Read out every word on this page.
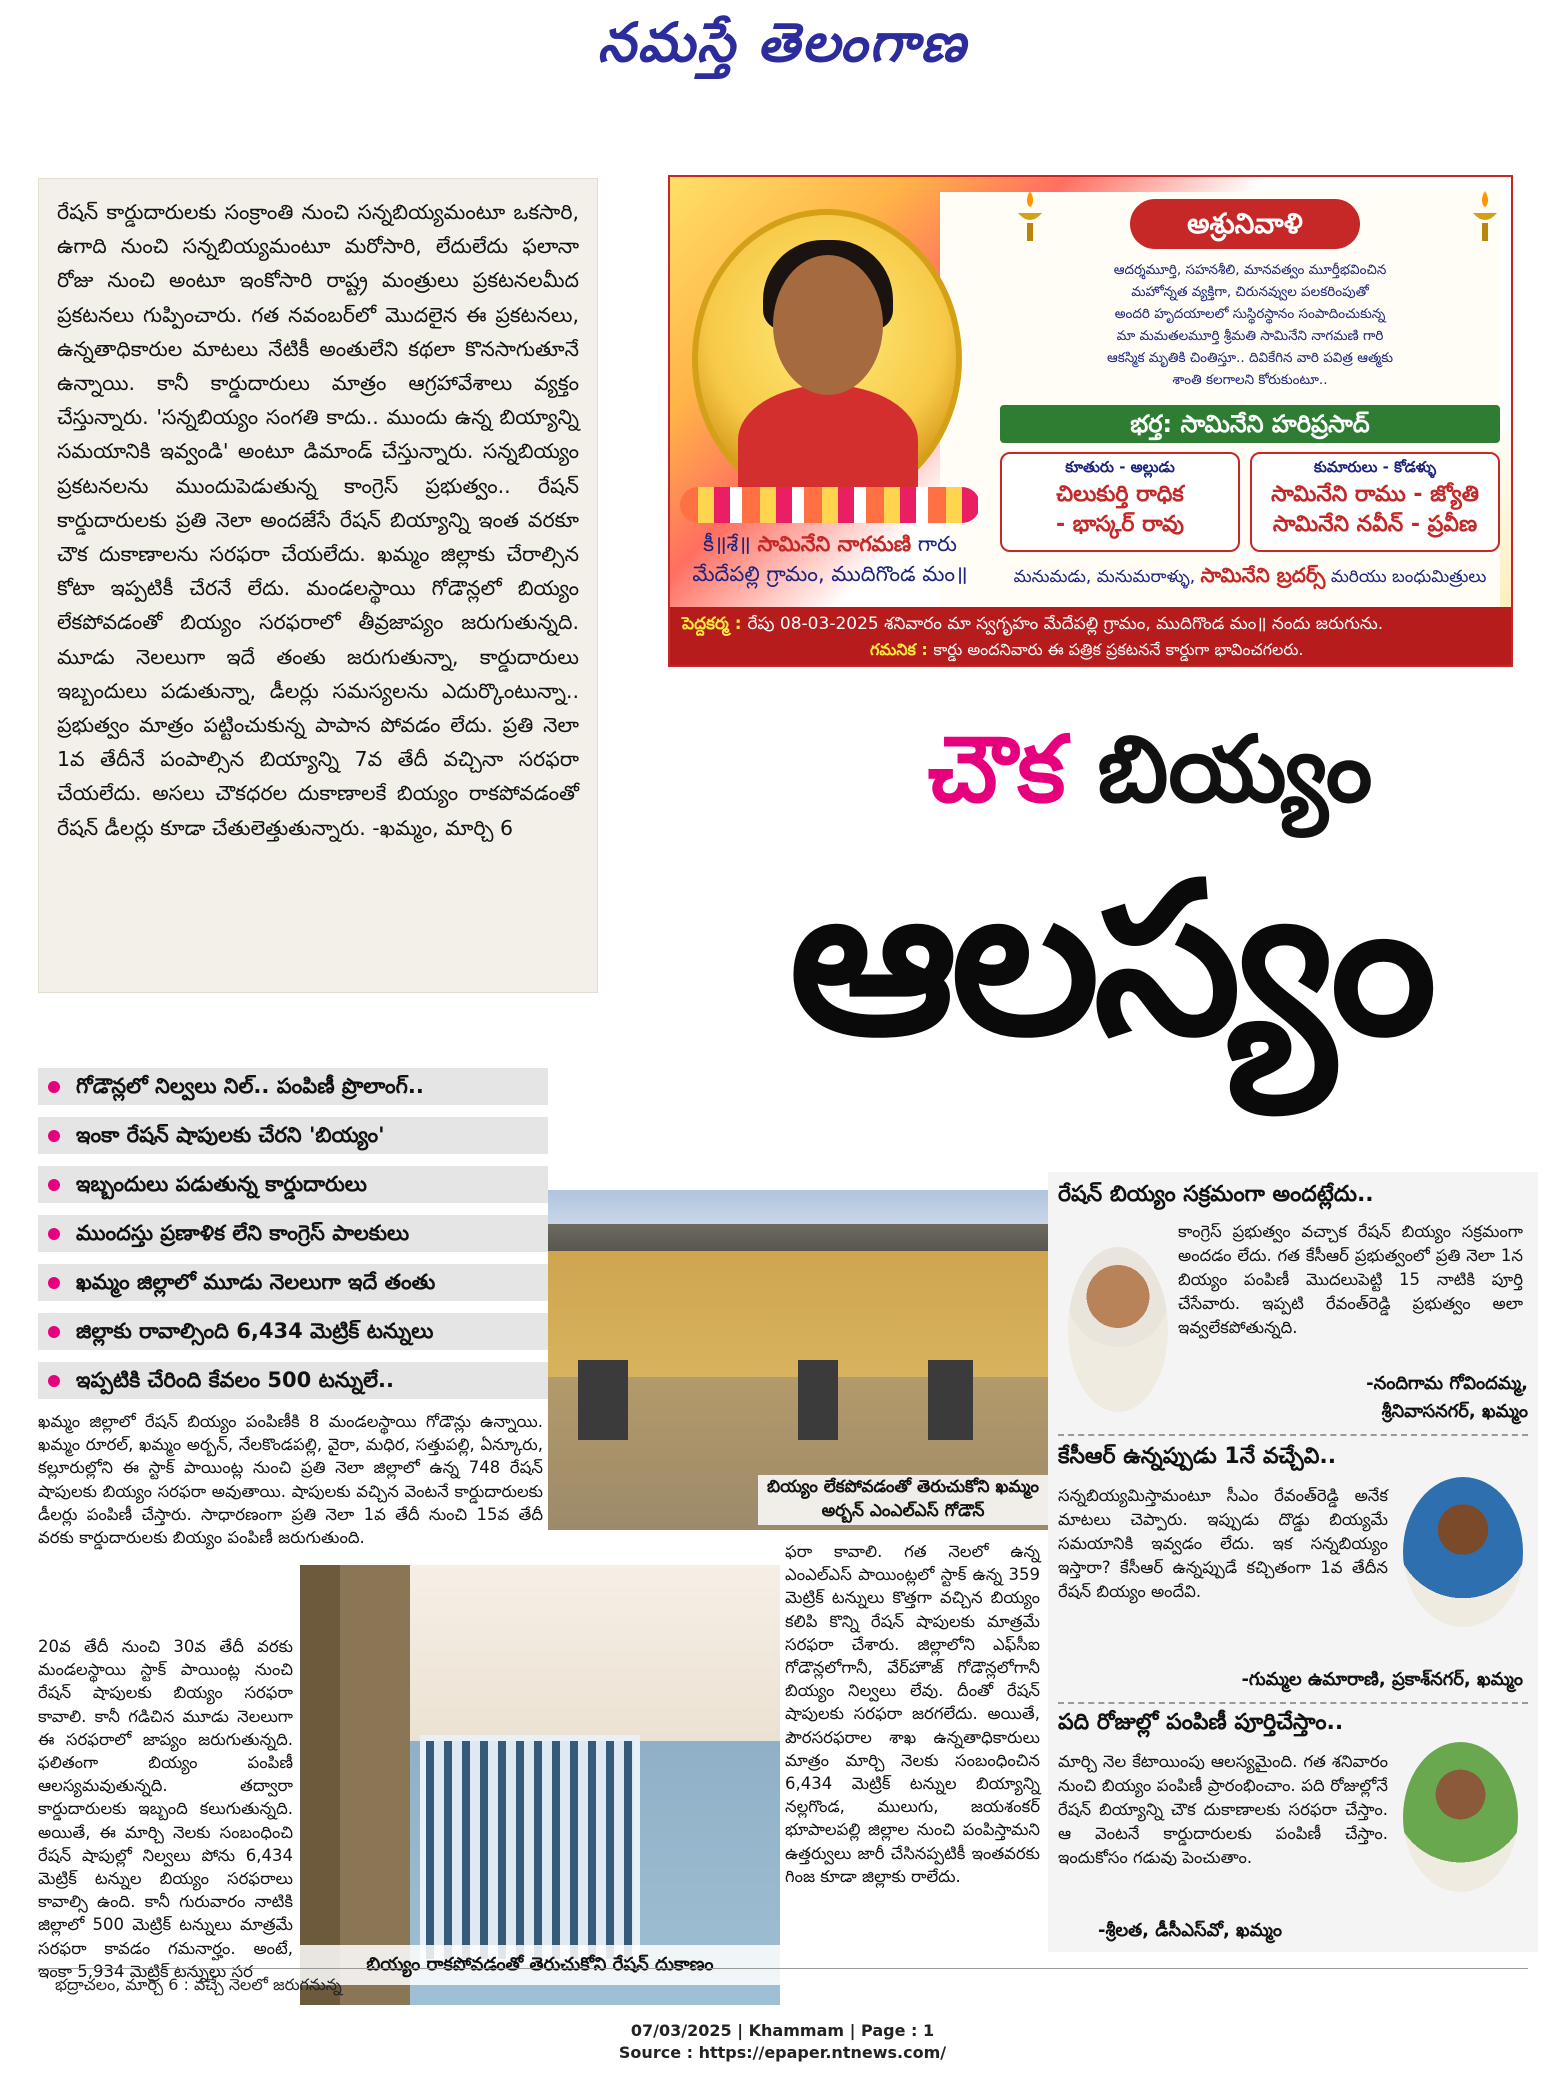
నమస్తే తెలంగాణ

రేషన్ కార్డుదారులకు సంక్రాంతి నుంచి సన్నబియ్యమంటూ ఒకసారి, ఉగాది నుంచి సన్నబియ్యమంటూ మరోసారి, లేదులేదు ఫలానా రోజు నుంచి అంటూ ఇంకోసారి రాష్ట్ర మంత్రులు ప్రకటనలమీద ప్రకటనలు గుప్పించారు. గత నవంబర్‌లో మొదలైన ఈ ప్రకటనలు, ఉన్నతాధికారుల మాటలు నేటికీ అంతులేని కథలా కొనసాగుతూనే ఉన్నాయి. కానీ కార్డుదారులు మాత్రం ఆగ్రహావేశాలు వ్యక్తం చేస్తున్నారు. 'సన్నబియ్యం సంగతి కాదు.. ముందు ఉన్న బియ్యాన్ని సమయానికి ఇవ్వండి' అంటూ డిమాండ్ చేస్తున్నారు. సన్నబియ్యం ప్రకటనలను ముందుపెడుతున్న కాంగ్రెస్ ప్రభుత్వం.. రేషన్ కార్డుదారులకు ప్రతి నెలా అందజేసే రేషన్ బియ్యాన్ని ఇంత వరకూ చౌక దుకాణాలను సరఫరా చేయలేదు. ఖమ్మం జిల్లాకు చేరాల్సిన కోటా ఇప్పటికీ చేరనే లేదు. మండలస్థాయి గోడౌన్లలో బియ్యం లేకపోవడంతో బియ్యం సరఫరాలో తీవ్రజాప్యం జరుగుతున్నది. మూడు నెలలుగా ఇదే తంతు జరుగుతున్నా, కార్డుదారులు ఇబ్బందులు పడుతున్నా, డీలర్లు సమస్యలను ఎదుర్కొంటున్నా.. ప్రభుత్వం మాత్రం పట్టించుకున్న పాపాన పోవడం లేదు. ప్రతి నెలా 1వ తేదీనే పంపాల్సిన బియ్యాన్ని 7వ తేదీ వచ్చినా సరఫరా చేయలేదు. అసలు చౌకధరల దుకాణాలకే బియ్యం రాకపోవడంతో రేషన్ డీలర్లు కూడా చేతులెత్తుతున్నారు. -ఖమ్మం, మార్చి 6

అశ్రునివాళి
ఆదర్శమూర్తి, సహనశీలి, మానవత్వం మూర్తీభవించిన
మహోన్నత వ్యక్తిగా, చిరునవ్వుల పలకరింపుతో
అందరి హృదయాలలో సుస్థిరస్థానం సంపాదించుకున్న
మా మమతలమూర్తి శ్రీమతి సామినేని నాగమణి గారి
ఆకస్మిక మృతికి చింతిస్తూ.. దివికేగిన వారి పవిత్ర ఆత్మకు
శాంతి కలగాలని కోరుకుంటూ..
భర్త: సామినేని హరిప్రసాద్
కూతురు - అల్లుడు
చిలుకుర్తి రాధిక
- భాస్కర్ రావు
కుమారులు - కోడళ్ళు
సామినేని రాము - జ్యోతి
సామినేని నవీన్ - ప్రవీణ
కీ॥శే॥ సామినేని నాగమణి గారు
మేదేపల్లి గ్రామం, ముదిగొండ మం॥	మనుమడు, మనుమరాళ్ళు, సామినేని బ్రదర్స్ మరియు బంధుమిత్రులు
పెద్దకర్మ : రేపు 08-03-2025 శనివారం మా స్వగృహం మేదేపల్లి గ్రామం, ముదిగొండ మం॥ నందు జరుగును.
గమనిక : కార్డు అందనివారు ఈ పత్రిక ప్రకటననే కార్డుగా భావించగలరు.
చౌక బియ్యం
ఆలస్యం
గోడౌన్లలో నిల్వలు నిల్.. పంపిణీ ప్రొలాంగ్..
ఇంకా రేషన్ షాపులకు చేరని 'బియ్యం'
ఇబ్బందులు పడుతున్న కార్డుదారులు
ముందస్తు ప్రణాళిక లేని కాంగ్రెస్ పాలకులు
ఖమ్మం జిల్లాలో మూడు నెలలుగా ఇదే తంతు
జిల్లాకు రావాల్సింది 6,434 మెట్రిక్ టన్నులు
ఇప్పటికి చేరింది కేవలం 500 టన్నులే..
బియ్యం లేకపోవడంతో తెరుచుకోని ఖమ్మం అర్బన్ ఎంఎల్ఎస్ గోడౌన్

ఖమ్మం జిల్లాలో రేషన్ బియ్యం పంపిణీకి 8 మండలస్థాయి గోడౌన్లు ఉన్నాయి. ఖమ్మం రూరల్, ఖమ్మం అర్బన్, నేలకొండపల్లి, వైరా, మధిర, సత్తుపల్లి, ఏన్కూరు, కల్లూరుల్లోని ఈ స్టాక్ పాయింట్ల నుంచి ప్రతి నెలా జిల్లాలో ఉన్న 748 రేషన్ షాపులకు బియ్యం సరఫరా అవుతాయి. షాపులకు వచ్చిన వెంటనే కార్డుదారులకు డీలర్లు పంపిణీ చేస్తారు. సాధారణంగా ప్రతి నెలా 1వ తేదీ నుంచి 15వ తేదీ వరకు కార్డుదారులకు బియ్యం పంపిణీ జరుగుతుంది.

బియ్యం రాకపోవడంతో తెరుచుకోని రేషన్ దుకాణం

20వ తేదీ నుంచి 30వ తేదీ వరకు మండలస్థాయి స్టాక్ పాయింట్ల నుంచి రేషన్ షాపులకు బియ్యం సరఫరా కావాలి. కానీ గడిచిన మూడు నెలలుగా ఈ సరఫరాలో జాప్యం జరుగుతున్నది. ఫలితంగా బియ్యం పంపిణీ ఆలస్యమవుతున్నది. తద్వారా కార్డుదారులకు ఇబ్బంది కలుగుతున్నది. అయితే, ఈ మార్చి నెలకు సంబంధించి రేషన్ షాపుల్లో నిల్వలు పోను 6,434 మెట్రిక్ టన్నుల బియ్యం సరఫరాలు కావాల్సి ఉంది. కానీ గురువారం నాటికి జిల్లాలో 500 మెట్రిక్ టన్నులు మాత్రమే సరఫరా కావడం గమనార్హం. అంటే, ఇంకా 5,934 మెట్రిక్ టన్నులు సర

ఫరా కావాలి. గత నెలలో ఉన్న ఎంఎల్ఎస్ పాయింట్లలో స్టాక్ ఉన్న 359 మెట్రిక్ టన్నులు కొత్తగా వచ్చిన బియ్యం కలిపి కొన్ని రేషన్ షాపులకు మాత్రమే సరఫరా చేశారు. జిల్లాలోని ఎఫ్‌సీఐ గోడౌన్లలోగానీ, వేర్‌హౌజ్ గోడౌన్లలోగానీ బియ్యం నిల్వలు లేవు. దీంతో రేషన్ షాపులకు సరఫరా జరగలేదు. అయితే, పౌరసరఫరాల శాఖ ఉన్నతాధికారులు మాత్రం మార్చి నెలకు సంబంధించిన 6,434 మెట్రిక్ టన్నుల బియ్యాన్ని నల్లగొండ, ములుగు, జయశంకర్ భూపాలపల్లి జిల్లాల నుంచి పంపిస్తామని ఉత్తర్వులు జారీ చేసినప్పటికీ ఇంతవరకు గింజ కూడా జిల్లాకు రాలేదు.

రేషన్ బియ్యం సక్రమంగా అందట్లేదు..
కాంగ్రెస్ ప్రభుత్వం వచ్చాక రేషన్ బియ్యం సక్రమంగా అందడం లేదు. గత కేసీఆర్ ప్రభుత్వంలో ప్రతి నెలా 1న బియ్యం పంపిణీ మొదలుపెట్టి 15 నాటికి పూర్తి చేసేవారు. ఇప్పటి రేవంత్‌రెడ్డి ప్రభుత్వం అలా ఇవ్వలేకపోతున్నది.
-నందిగామ గోవిందమ్మ,
శ్రీనివాసనగర్, ఖమ్మం
కేసీఆర్ ఉన్నప్పుడు 1నే వచ్చేవి..
సన్నబియ్యమిస్తామంటూ సీఎం రేవంత్‌రెడ్డి అనేక మాటలు చెప్పారు. ఇప్పుడు దొడ్డు బియ్యమే సమయానికి ఇవ్వడం లేదు. ఇక సన్నబియ్యం ఇస్తారా? కేసీఆర్ ఉన్నప్పుడే కచ్చితంగా 1వ తేదీన రేషన్ బియ్యం అందేవి.
-గుమ్మల ఉమారాణి, ప్రకాశ్‌నగర్, ఖమ్మం
పది రోజుల్లో పంపిణీ పూర్తిచేస్తాం..
మార్చి నెల కేటాయింపు ఆలస్యమైంది. గత శనివారం నుంచి బియ్యం పంపిణీ ప్రారంభించాం. పది రోజుల్లోనే రేషన్ బియ్యాన్ని చౌక దుకాణాలకు సరఫరా చేస్తాం. ఆ వెంటనే కార్డుదారులకు పంపిణీ చేస్తాం. ఇందుకోసం గడువు పెంచుతాం.
-శ్రీలత, డీసీఎస్‌వో, ఖమ్మం
భద్రాచలం, మార్చి 6 : వచ్చే నెలలో జరుగనున్న
07/03/2025 | Khammam | Page : 1
Source : https://epaper.ntnews.com/
